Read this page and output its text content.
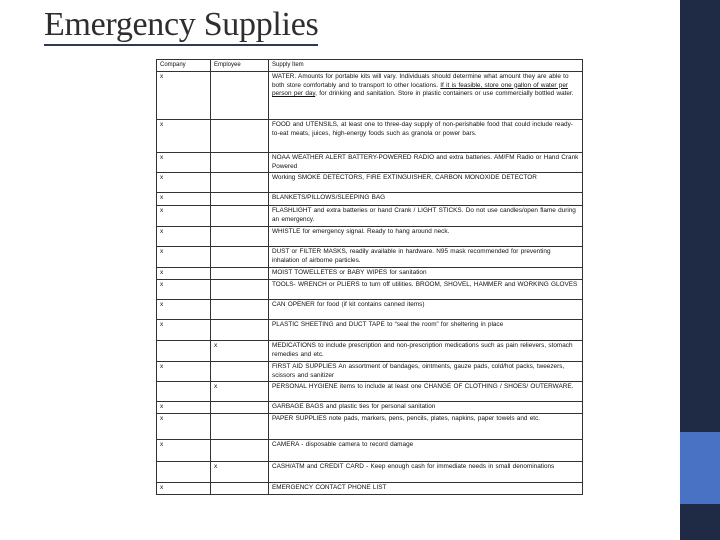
Emergency Supplies
Company	Employee	Supply Item
x		WATER. Amounts for portable kits will vary. Individuals should determine what amount they are able to both store comfortably and to transport to other locations. If it is feasible, store one gallon of water per person per day, for drinking and sanitation. Store in plastic containers or use commercially bottled water.
x		FOOD and UTENSILS, at least one to three-day supply of non-perishable food that could include ready-to-eat meats, juices, high-energy foods such as granola or power bars.
x		NOAA WEATHER ALERT BATTERY-POWERED RADIO and extra batteries. AM/FM Radio or Hand Crank Powered
x		Working SMOKE DETECTORS, FIRE EXTINGUISHER, CARBON MONOXIDE DETECTOR
x		BLANKETS/PILLOWS/SLEEPING BAG
x		FLASHLIGHT and extra batteries or hand Crank / LIGHT STICKS. Do not use candles/open flame during an emergency.
x		WHISTLE for emergency signal. Ready to hang around neck.
x		DUST or FILTER MASKS, readily available in hardware. N95 mask recommended for preventing inhalation of airborne particles.
x		MOIST TOWELLETES or BABY WIPES for sanitation
x		TOOLS- WRENCH or PLIERS to turn off utilities. BROOM, SHOVEL, HAMMER and WORKING GLOVES
x		CAN OPENER for food (if kit contains canned items)
x		PLASTIC SHEETING and DUCT TAPE to “seal the room” for sheltering in place
	x	MEDICATIONS to include prescription and non-prescription medications such as pain relievers, stomach remedies and etc.
x		FIRST AID SUPPLIES An assortment of bandages, ointments, gauze pads, cold/hot packs, tweezers, scissors and sanitizer
	x	PERSONAL HYGIENE items to include at least one CHANGE OF CLOTHING / SHOES/ OUTERWARE.
x		GARBAGE BAGS and plastic ties for personal sanitation
x		PAPER SUPPLIES note pads, markers, pens, pencils, plates, napkins, paper towels and etc.
x		CAMERA - disposable camera to record damage
	x	CASH/ATM and CREDIT CARD - Keep enough cash for immediate needs in small denominations
x		EMERGENCY CONTACT PHONE LIST
